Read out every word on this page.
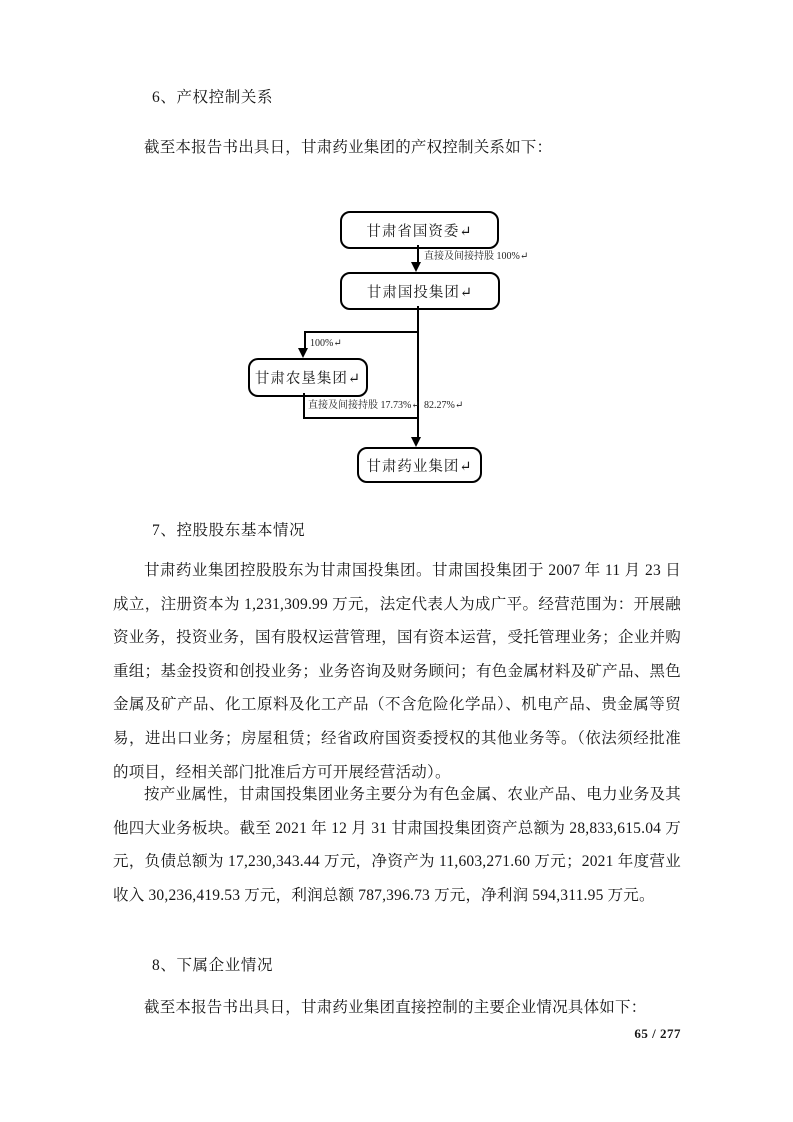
6、产权控制关系
截至本报告书出具日，甘肃药业集团的产权控制关系如下：
甘肃省国资委↵
直接及间接持股 100%↵
甘肃国投集团↵
100%↵
甘肃农垦集团↵
直接及间接持股 17.73%↵ 82.27%↵
甘肃药业集团↵
7、控股股东基本情况
甘肃药业集团控股股东为甘肃国投集团。甘肃国投集团于 2007 年 11 月 23 日成立，注册资本为 1,231,309.99 万元，法定代表人为成广平。经营范围为：开展融资业务，投资业务，国有股权运营管理，国有资本运营，受托管理业务；企业并购重组；基金投资和创投业务；业务咨询及财务顾问；有色金属材料及矿产品、黑色金属及矿产品、化工原料及化工产品（不含危险化学品）、机电产品、贵金属等贸易，进出口业务；房屋租赁；经省政府国资委授权的其他业务等。（依法须经批准的项目，经相关部门批准后方可开展经营活动）。
按产业属性，甘肃国投集团业务主要分为有色金属、农业产品、电力业务及其他四大业务板块。截至 2021 年 12 月 31 甘肃国投集团资产总额为 28,833,615.04 万元，负债总额为 17,230,343.44 万元，净资产为 11,603,271.60 万元；2021 年度营业收入 30,236,419.53 万元，利润总额 787,396.73 万元，净利润 594,311.95 万元。
8、下属企业情况
截至本报告书出具日，甘肃药业集团直接控制的主要企业情况具体如下：
65 / 277
